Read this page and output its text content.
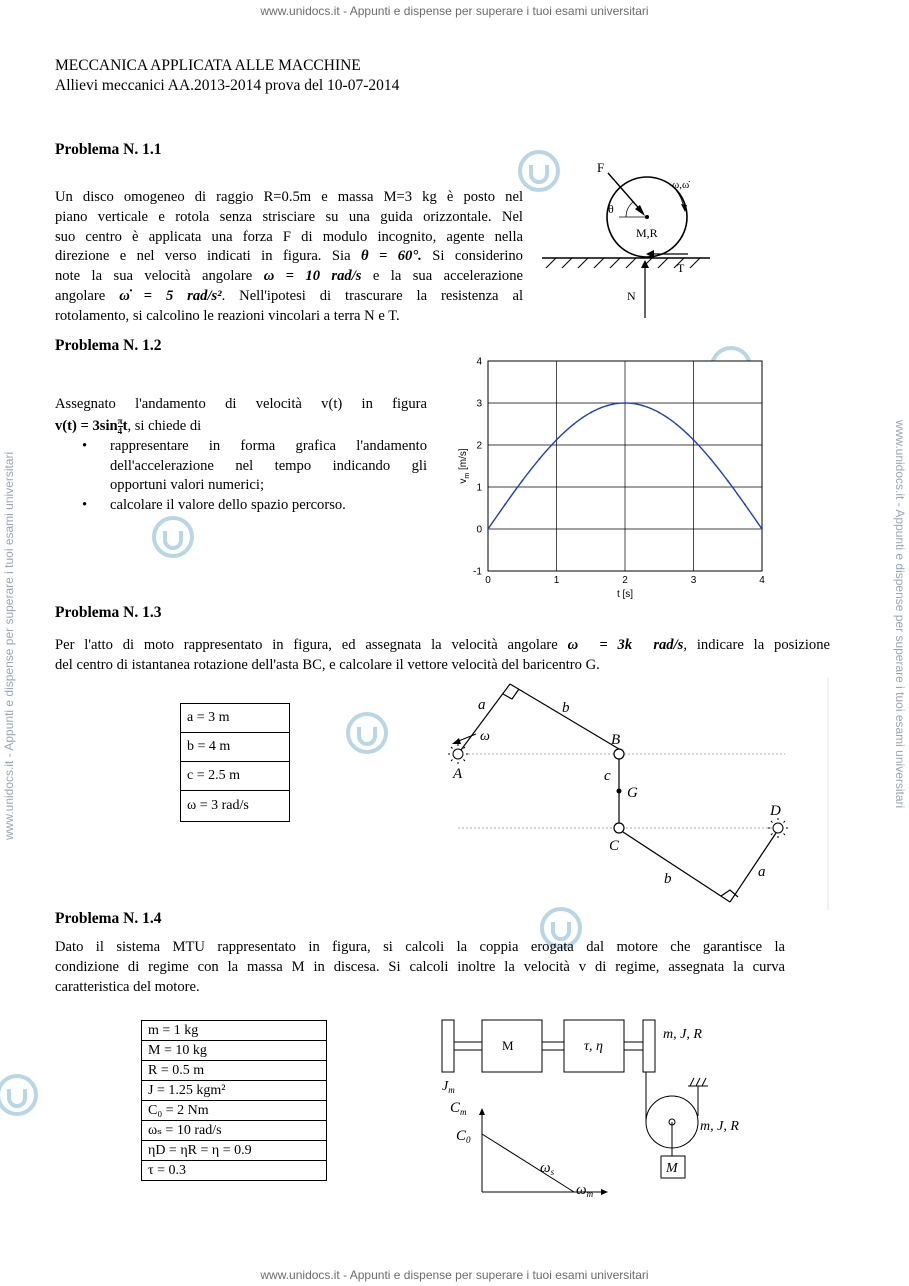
www.unidocs.it - Appunti e dispense per superare i tuoi esami universitari
www.unidocs.it - Appunti e dispense per superare i tuoi esami universitari
www.unidocs.it - Appunti e dispense per superare i tuoi esami universitari	www.unidocs.it - Appunti e dispense per superare i tuoi esami universitari
MECCANICA APPLICATA ALLE MACCHINE
Allievi meccanici AA.2013-2014 prova del 10-07-2014
Problema N. 1.1
Un disco omogeneo di raggio R=0.5m e massa M=3 kg è posto nel
piano verticale e rotola senza strisciare su una guida orizzontale. Nel
suo centro è applicata una forza F di modulo incognito, agente nella
direzione e nel verso indicati in figura. Sia θ = 60°. Si considerino
note la sua velocità angolare ω = 10 rad/s e la sua accelerazione
angolare ω̇ = 5 rad/s². Nell'ipotesi di trascurare la resistenza al
rotolamento, si calcolino le reazioni vincolari a terra N e T.
F
θ
M,R
ω,ω̇
T
N
Problema N. 1.2
Assegnato l'andamento di velocità v(t) in figura
$v(t) = 3\sin \frac{\pi}{4} t$, si chiede di
• rappresentare in forma grafica l'andamento
dell'accelerazione nel tempo indicando gli
opportuni valori numerici;
• calcolare il valore dello spazio percorso.
0	1	2	3	4
-1
0
1
2
3
4
t [s]
$v_m$ [m/s]
Problema N. 1.3
Per l'atto di moto rappresentato in figura, ed assegnata la velocità angolare ω⃗ = 3k⃗ rad/s, indicare la posizione
del centro di istantanea rotazione dell'asta BC, e calcolare il vettore velocità del baricentro G.
a = 3 m
b = 4 m
c = 2.5 m
ω = 3 rad/s
a
ω⃗
b
B
c
G
A
C
D
b	a
Problema N. 1.4
Dato il sistema MTU rappresentato in figura, si calcoli la coppia erogata dal motore che garantisce la
condizione di regime con la massa M in discesa. Si calcoli inoltre la velocità v di regime, assegnata la curva
caratteristica del motore.
m = 1 kg
M = 10 kg
R = 0.5 m
J = 1.25 kgm²
C₀ = 2 Nm
ωₛ = 10 rad/s
ηD = ηR = η = 0.9
τ = 0.3
M	τ, η
m, J, R
$J_m$
m, J, R
M
$C_m$
$C_0$
$\omega_s$
$\omega_m$
